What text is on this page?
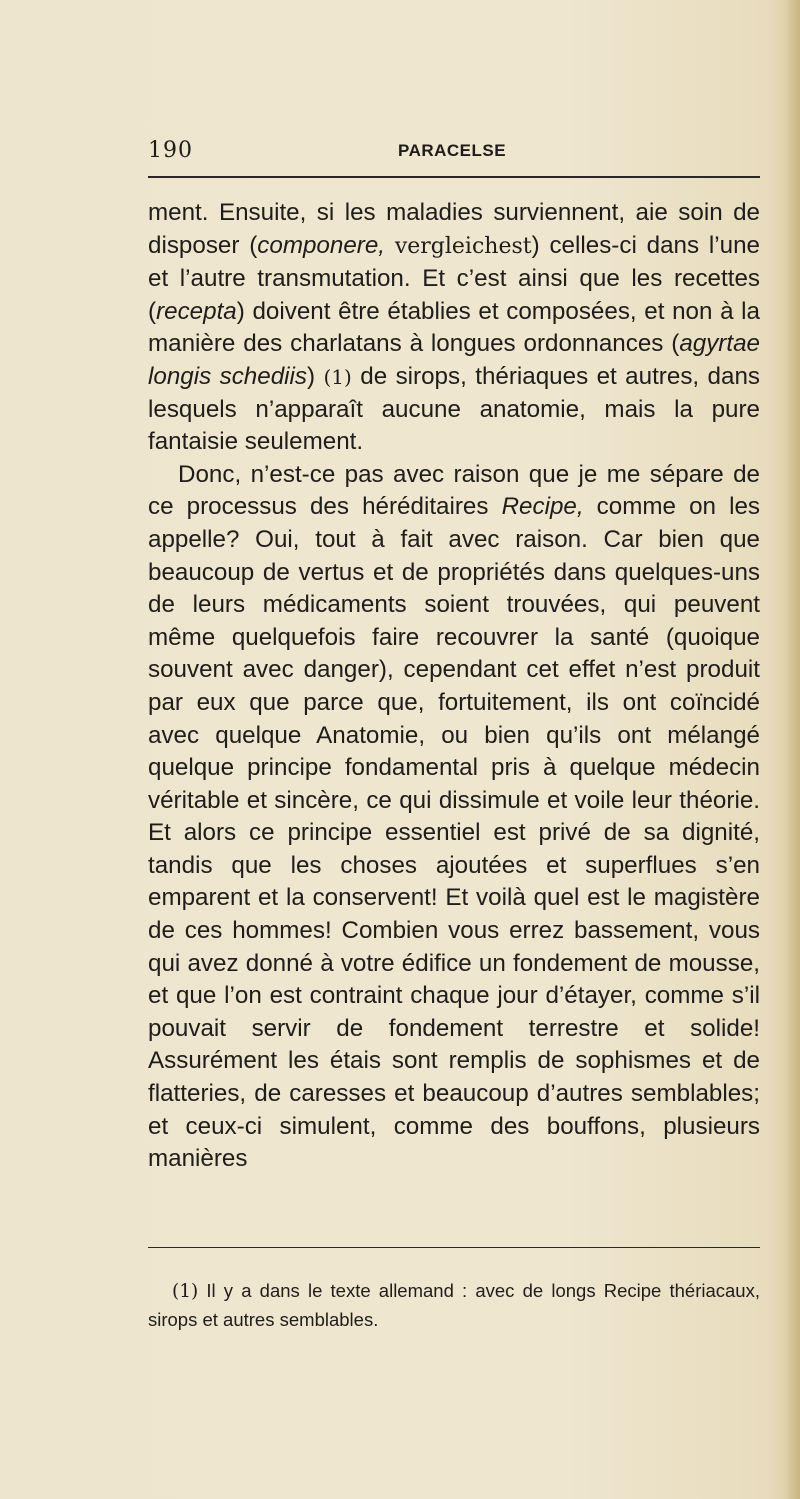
190	PARACELSE

ment. Ensuite, si les maladies surviennent, aie soin de disposer (componere, vergleichest) celles-ci dans l’une et l’autre transmutation. Et c’est ainsi que les recettes (recepta) doivent être établies et composées, et non à la manière des charlatans à longues ordonnances (agyrtae longis schediis) (1) de sirops, thériaques et autres, dans lesquels n’apparaît aucune anatomie, mais la pure fantaisie seulement.

Donc, n’est-ce pas avec raison que je me sépare de ce processus des héréditaires Recipe, comme on les appelle? Oui, tout à fait avec raison. Car bien que beaucoup de vertus et de propriétés dans quelques-uns de leurs médicaments soient trouvées, qui peuvent même quelquefois faire recouvrer la santé (quoique souvent avec danger), cependant cet effet n’est produit par eux que parce que, fortuitement, ils ont coïncidé avec quelque Anatomie, ou bien qu’ils ont mélangé quelque principe fondamental pris à quelque médecin véritable et sincère, ce qui dissimule et voile leur théorie. Et alors ce principe essentiel est privé de sa dignité, tandis que les choses ajoutées et superflues s’en emparent et la conservent! Et voilà quel est le magistère de ces hommes! Combien vous errez bassement, vous qui avez donné à votre édifice un fondement de mousse, et que l’on est contraint chaque jour d’étayer, comme s’il pouvait servir de fondement terrestre et solide! Assurément les étais sont remplis de sophismes et de flatteries, de caresses et beaucoup d’autres semblables; et ceux-ci simulent, comme des bouffons, plusieurs manières

(1) Il y a dans le texte allemand : avec de longs Recipe thériacaux, sirops et autres semblables.
